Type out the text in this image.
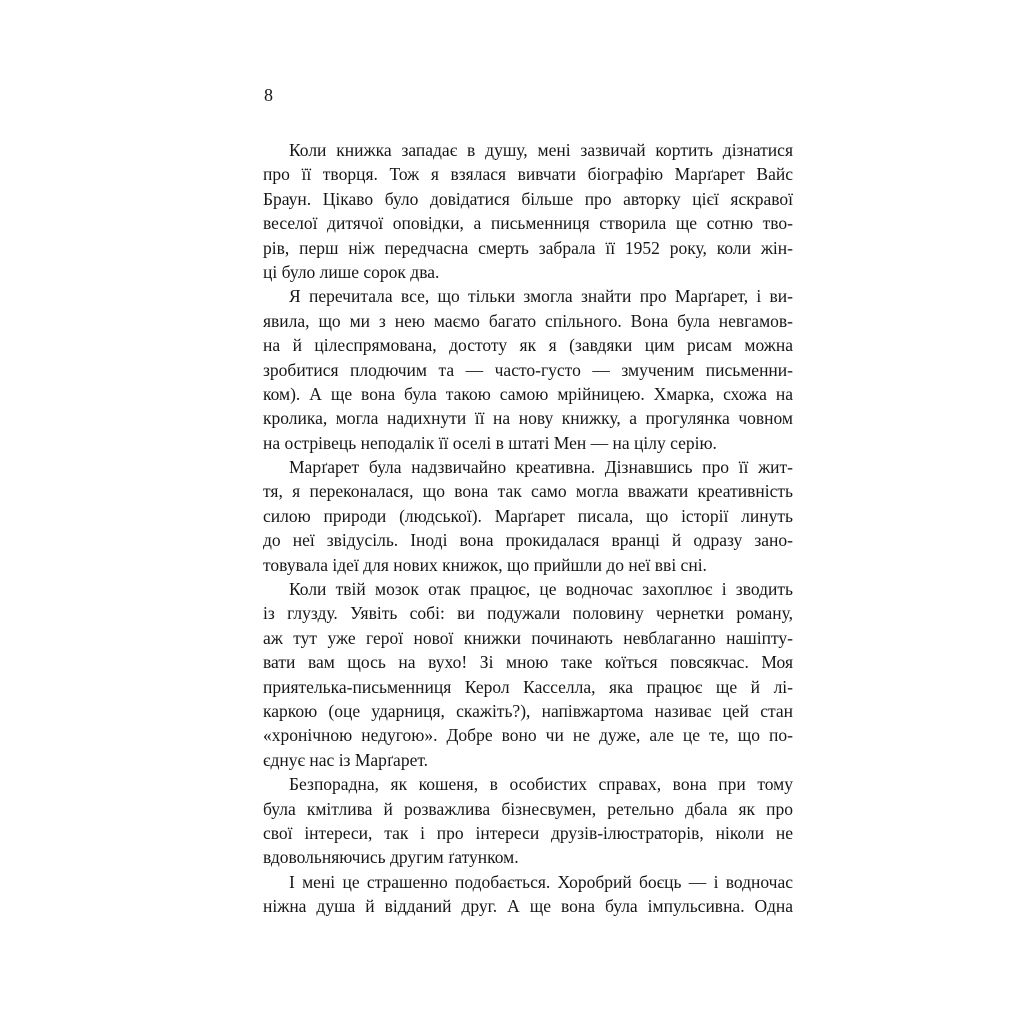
8
Коли книжка западає в душу, мені зазвичай кортить дізнатися
про її творця. Тож я взялася вивчати біографію Марґарет Вайс
Браун. Цікаво було довідатися більше про авторку цієї яскравої
веселої дитячої оповідки, а письменниця створила ще сотню тво-
рів, перш ніж передчасна смерть забрала її 1952 року, коли жін-
ці було лише сорок два.
Я перечитала все, що тільки змогла знайти про Марґарет, і ви-
явила, що ми з нею маємо багато спільного. Вона була невгамов-
на й цілеспрямована, достоту як я (завдяки цим рисам можна
зробитися плодючим та — часто-густо — змученим письменни-
ком). А ще вона була такою самою мрійницею. Хмарка, схожа на
кролика, могла надихнути її на нову книжку, а прогулянка човном
на острівець неподалік її оселі в штаті Мен — на цілу серію.
Марґарет була надзвичайно креативна. Дізнавшись про її жит-
тя, я переконалася, що вона так само могла вважати креативність
силою природи (людської). Марґарет писала, що історії линуть
до неї звідусіль. Іноді вона прокидалася вранці й одразу зано-
товувала ідеї для нових книжок, що прийшли до неї вві сні.
Коли твій мозок отак працює, це водночас захоплює і зводить
із глузду. Уявіть собі: ви подужали половину чернетки роману,
аж тут уже герої нової книжки починають невблаганно нашіпту-
вати вам щось на вухо! Зі мною таке коїться повсякчас. Моя
приятелька-письменниця Керол Касселла, яка працює ще й лі-
каркою (оце ударниця, скажіть?), напівжартома називає цей стан
«хронічною недугою». Добре воно чи не дуже, але це те, що по-
єднує нас із Марґарет.
Безпорадна, як кошеня, в особистих справах, вона при тому
була кмітлива й розважлива бізнесвумен, ретельно дбала як про
свої інтереси, так і про інтереси друзів-ілюстраторів, ніколи не
вдовольняючись другим ґатунком.
І мені це страшенно подобається. Хоробрий боєць — і водночас
ніжна душа й відданий друг. А ще вона була імпульсивна. Одна
